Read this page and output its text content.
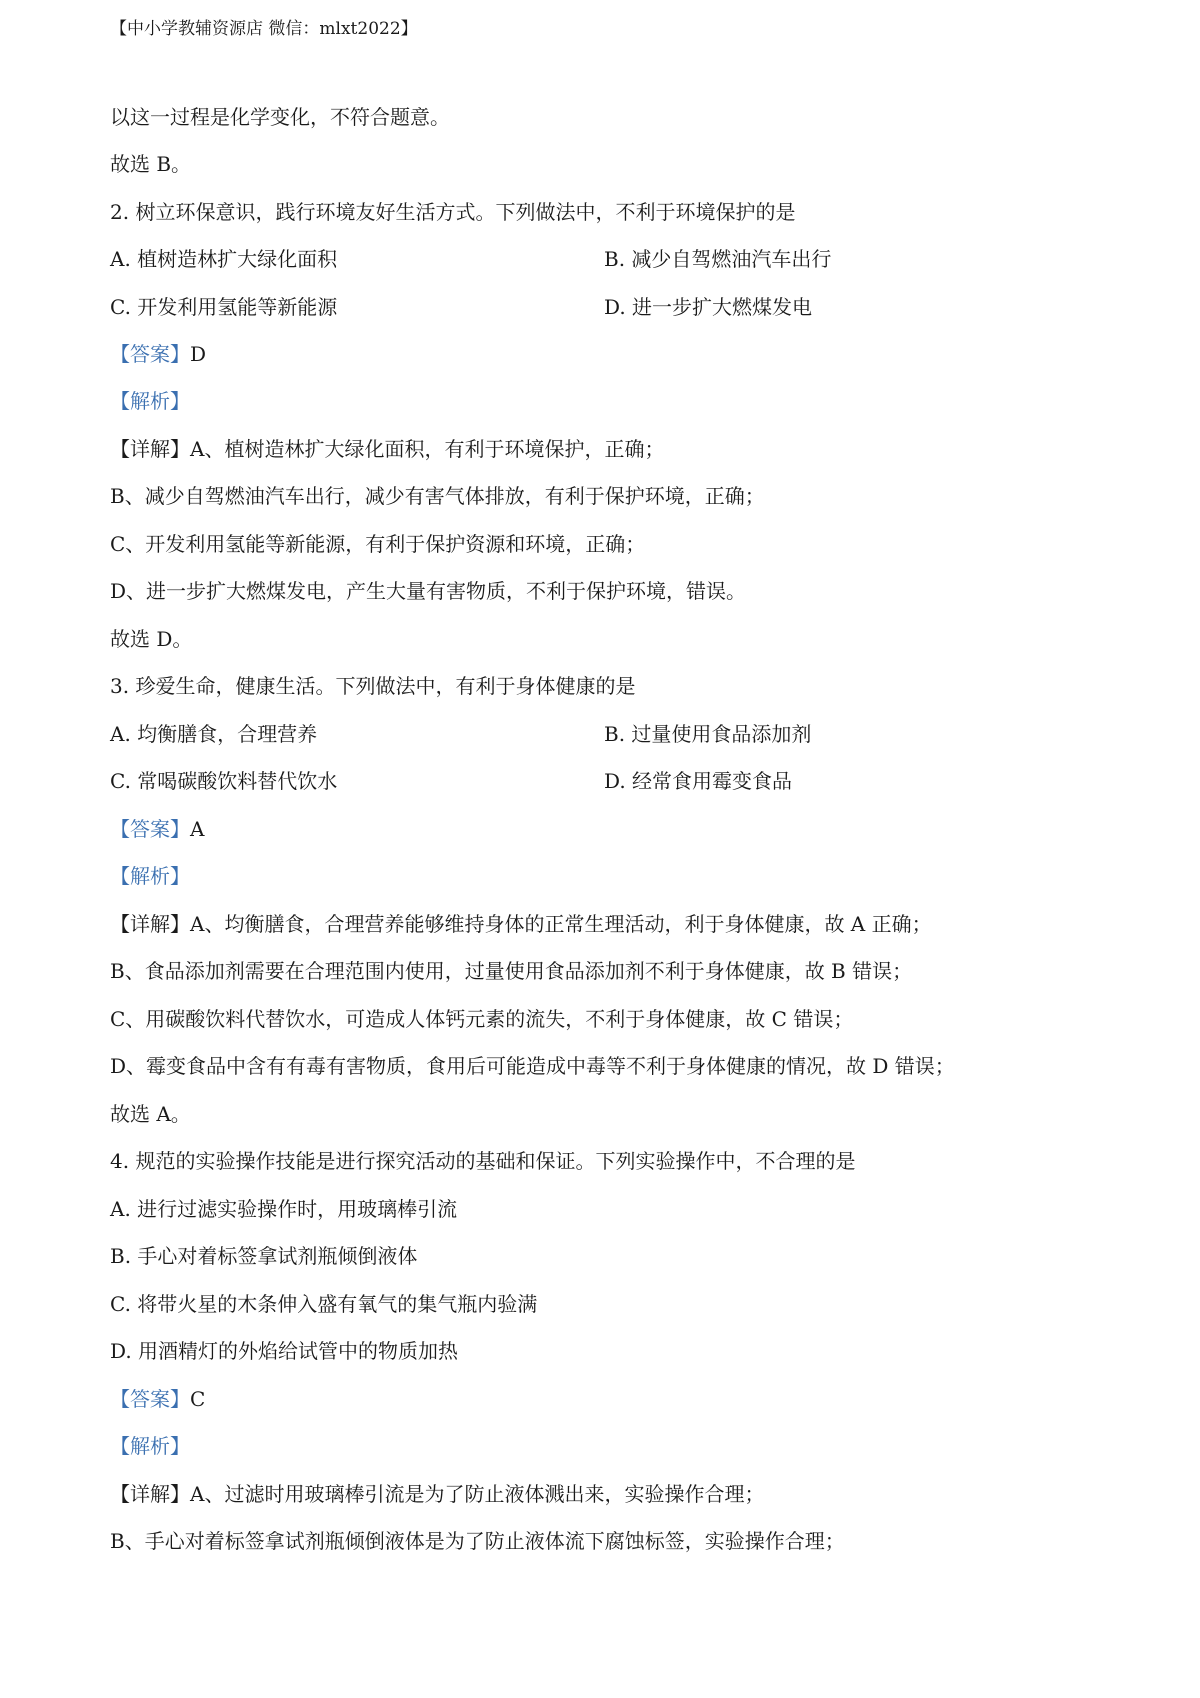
【中小学教辅资源店 微信：mlxt2022】
以这一过程是化学变化，不符合题意。
故选 B。
2. 树立环保意识，践行环境友好生活方式。下列做法中，不利于环境保护的是
A. 植树造林扩大绿化面积	B. 减少自驾燃油汽车出行
C. 开发利用氢能等新能源	D. 进一步扩大燃煤发电
【答案】D
【解析】
【详解】A、植树造林扩大绿化面积，有利于环境保护，正确；
B、减少自驾燃油汽车出行，减少有害气体排放，有利于保护环境，正确；
C、开发利用氢能等新能源，有利于保护资源和环境，正确；
D、进一步扩大燃煤发电，产生大量有害物质，不利于保护环境，错误。
故选 D。
3. 珍爱生命，健康生活。下列做法中，有利于身体健康的是
A. 均衡膳食，合理营养	B. 过量使用食品添加剂
C. 常喝碳酸饮料替代饮水	D. 经常食用霉变食品
【答案】A
【解析】
【详解】A、均衡膳食，合理营养能够维持身体的正常生理活动，利于身体健康，故 A 正确；
B、食品添加剂需要在合理范围内使用，过量使用食品添加剂不利于身体健康，故 B 错误；
C、用碳酸饮料代替饮水，可造成人体钙元素的流失，不利于身体健康，故 C 错误；
D、霉变食品中含有有毒有害物质，食用后可能造成中毒等不利于身体健康的情况，故 D 错误；
故选 A。
4. 规范的实验操作技能是进行探究活动的基础和保证。下列实验操作中，不合理的是
A. 进行过滤实验操作时，用玻璃棒引流
B. 手心对着标签拿试剂瓶倾倒液体
C. 将带火星的木条伸入盛有氧气的集气瓶内验满
D. 用酒精灯的外焰给试管中的物质加热
【答案】C
【解析】
【详解】A、过滤时用玻璃棒引流是为了防止液体溅出来，实验操作合理；
B、手心对着标签拿试剂瓶倾倒液体是为了防止液体流下腐蚀标签，实验操作合理；
